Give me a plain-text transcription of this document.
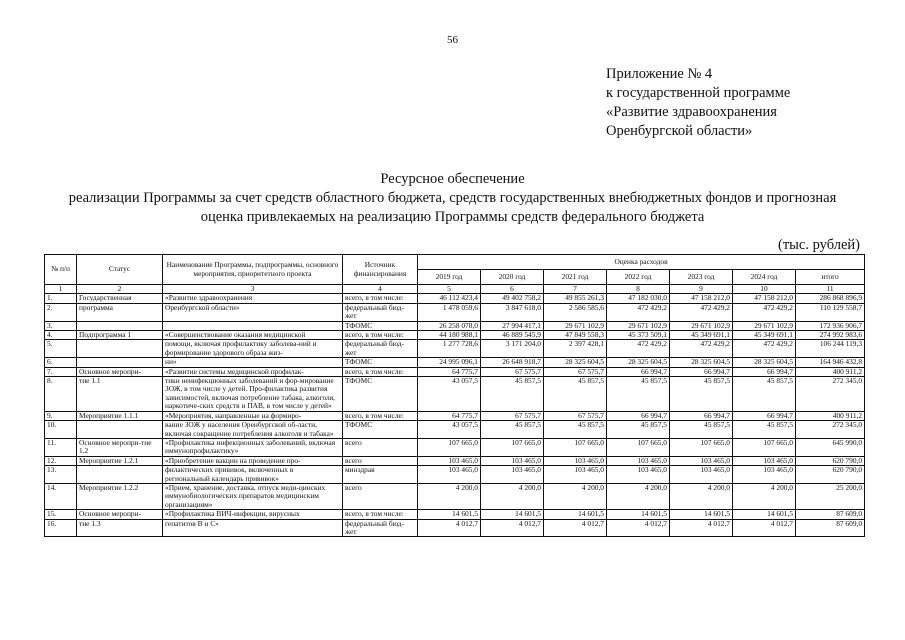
56
Приложение № 4
к государственной программе
«Развитие здравоохранения
Оренбургской области»
Ресурсное обеспечение
реализации Программы за счет средств областного бюджета, средств государственных внебюджетных фондов и прогнозная
оценка привлекаемых на реализацию Программы средств федерального бюджета
(тыс. рублей)
№ п/п	Статус	Наименование Программы, подпрограммы, основного мероприятия, приоритетного проекта	Источник финансирования	Оценка расходов						
				2019 год	2020 год	2021 год	2022 год	2023 год	2024 год	итого
1	2	3	4	5	6	7	8	9	10	11
1.	Государственная	«Развитие здравоохранения	всего, в том числе:	46 112 423,4	49 402 758,2	49 855 261,3	47 182 030,0	47 158 212,0	47 158 212,0	286 868 896,9
2.	программа	Оренбургской области»	федеральный бюд-жет	1 478 059,6	3 847 618,0	2 586 585,6	472 429,2	472 429,2	472 429,2	110 129 558,7
3.			ТФОМС	26 258 078,0	27 994 417,1	29 671 102,9	29 671 102,9	29 671 102,9	29 671 102,9	172 936 906,7
4.	Подпрограмма 1	«Совершенствование оказания медицинской	всего, в том числе:	44 180 988,1	46 889 545,9	47 849 558,3	45 373 509,1	45 349 691,1	45 349 691,1	274 992 983,6
5.		помощи, включая профилактику заболева-ний и формирование здорового образа жиз-	федеральный бюд-жет	1 277 728,6	3 171 204,0	2 397 428,1	472 429,2	472 429,2	472 429,2	106 244 119,3
6.		ни»	ТФОМС	24 995 096,1	26 648 918,7	28 325 604,5	28 325 604,5	28 325 604,5	28 325 604,5	164 946 432,8
7.	Основное меропри-	«Развитие системы медицинской профилак-	всего, в том числе:	64 775,7	67 575,7	67 575,7	66 994,7	66 994,7	66 994,7	400 911,2
8.	тие 1.1	тики неинфекционных заболеваний и фор-мирование ЗОЖ, в том числе у детей. Про-филактика развития зависимостей, включая потребление табака, алкоголя, наркотиче-ских средств и ПАВ, в том числе у детей»	ТФОМС	43 057,5	45 857,5	45 857,5	45 857,5	45 857,5	45 857,5	272 345,0
9.	Мероприятие 1.1.1	«Мероприятия, направленные на формиро-	всего, в том числе:	64 775,7	67 575,7	67 575,7	66 994,7	66 994,7	66 994,7	400 911,2
10.		вание ЗОЖ у населения Оренбургской об-ласти, включая сокращение потребления алкоголя и табака»	ТФОМС	43 057,5	45 857,5	45 857,5	45 857,5	45 857,5	45 857,5	272 345,0
11.	Основное меропри-тие 1.2	«Профилактика инфекционных заболеваний, включая иммунопрофилактику»	всего	107 665,0	107 665,0	107 665,0	107 665,0	107 665,0	107 665,0	645 990,0
12.	Мероприятие 1.2.1	«Приобретение вакцин на проведение про-	всего	103 465,0	103 465,0	103 465,0	103 465,0	103 465,0	103 465,0	620 790,0
13.		филактических прививок, включенных в региональный календарь прививок»	минздрав	103 465,0	103 465,0	103 465,0	103 465,0	103 465,0	103 465,0	620 790,0
14.	Мероприятие 1.2.2	«Прием, хранение, доставка, отпуск меди-цинских иммунобиологических препаратов медицинским организациям»	всего	4 200,0	4 200,0	4 200,0	4 200,0	4 200,0	4 200,0	25 200,0
15.	Основное меропри-	«Профилактика ВИЧ-инфекции, вирусных	всего, в том числе:	14 601,5	14 601,5	14 601,5	14 601,5	14 601,5	14 601,5	87 609,0
16.	тие 1.3	гепатитов В и С»	федеральный бюд-жет	4 012,7	4 012,7	4 012,7	4 012,7	4 012,7	4 012,7	87 609,0
